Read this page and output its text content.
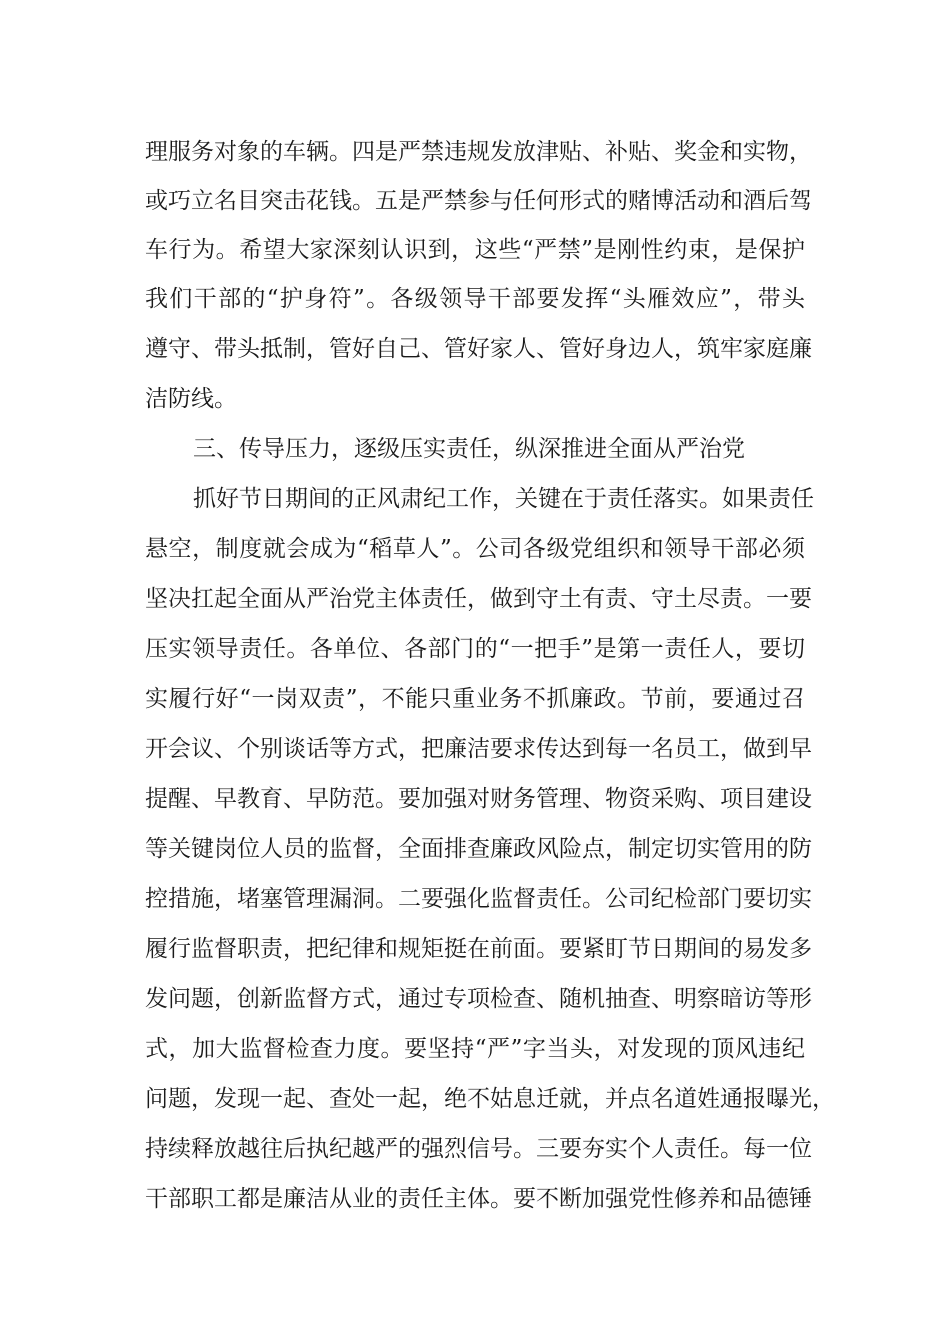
理服务对象的车辆。四是严禁违规发放津贴、补贴、奖金和实物，
或巧立名目突击花钱。五是严禁参与任何形式的赌博活动和酒后驾
车行为。希望大家深刻认识到，这些“严禁”是刚性约束，是保护
我们干部的“护身符”。各级领导干部要发挥“头雁效应”，带头
遵守、带头抵制，管好自己、管好家人、管好身边人，筑牢家庭廉
洁防线。
三、传导压力，逐级压实责任，纵深推进全面从严治党
抓好节日期间的正风肃纪工作，关键在于责任落实。如果责任
悬空，制度就会成为“稻草人”。公司各级党组织和领导干部必须
坚决扛起全面从严治党主体责任，做到守土有责、守土尽责。一要
压实领导责任。各单位、各部门的“一把手”是第一责任人，要切
实履行好“一岗双责”，不能只重业务不抓廉政。节前，要通过召
开会议、个别谈话等方式，把廉洁要求传达到每一名员工，做到早
提醒、早教育、早防范。要加强对财务管理、物资采购、项目建设
等关键岗位人员的监督，全面排查廉政风险点，制定切实管用的防
控措施，堵塞管理漏洞。二要强化监督责任。公司纪检部门要切实
履行监督职责，把纪律和规矩挺在前面。要紧盯节日期间的易发多
发问题，创新监督方式，通过专项检查、随机抽查、明察暗访等形
式，加大监督检查力度。要坚持“严”字当头，对发现的顶风违纪
问题，发现一起、查处一起，绝不姑息迁就，并点名道姓通报曝光，
持续释放越往后执纪越严的强烈信号。三要夯实个人责任。每一位
干部职工都是廉洁从业的责任主体。要不断加强党性修养和品德锤
